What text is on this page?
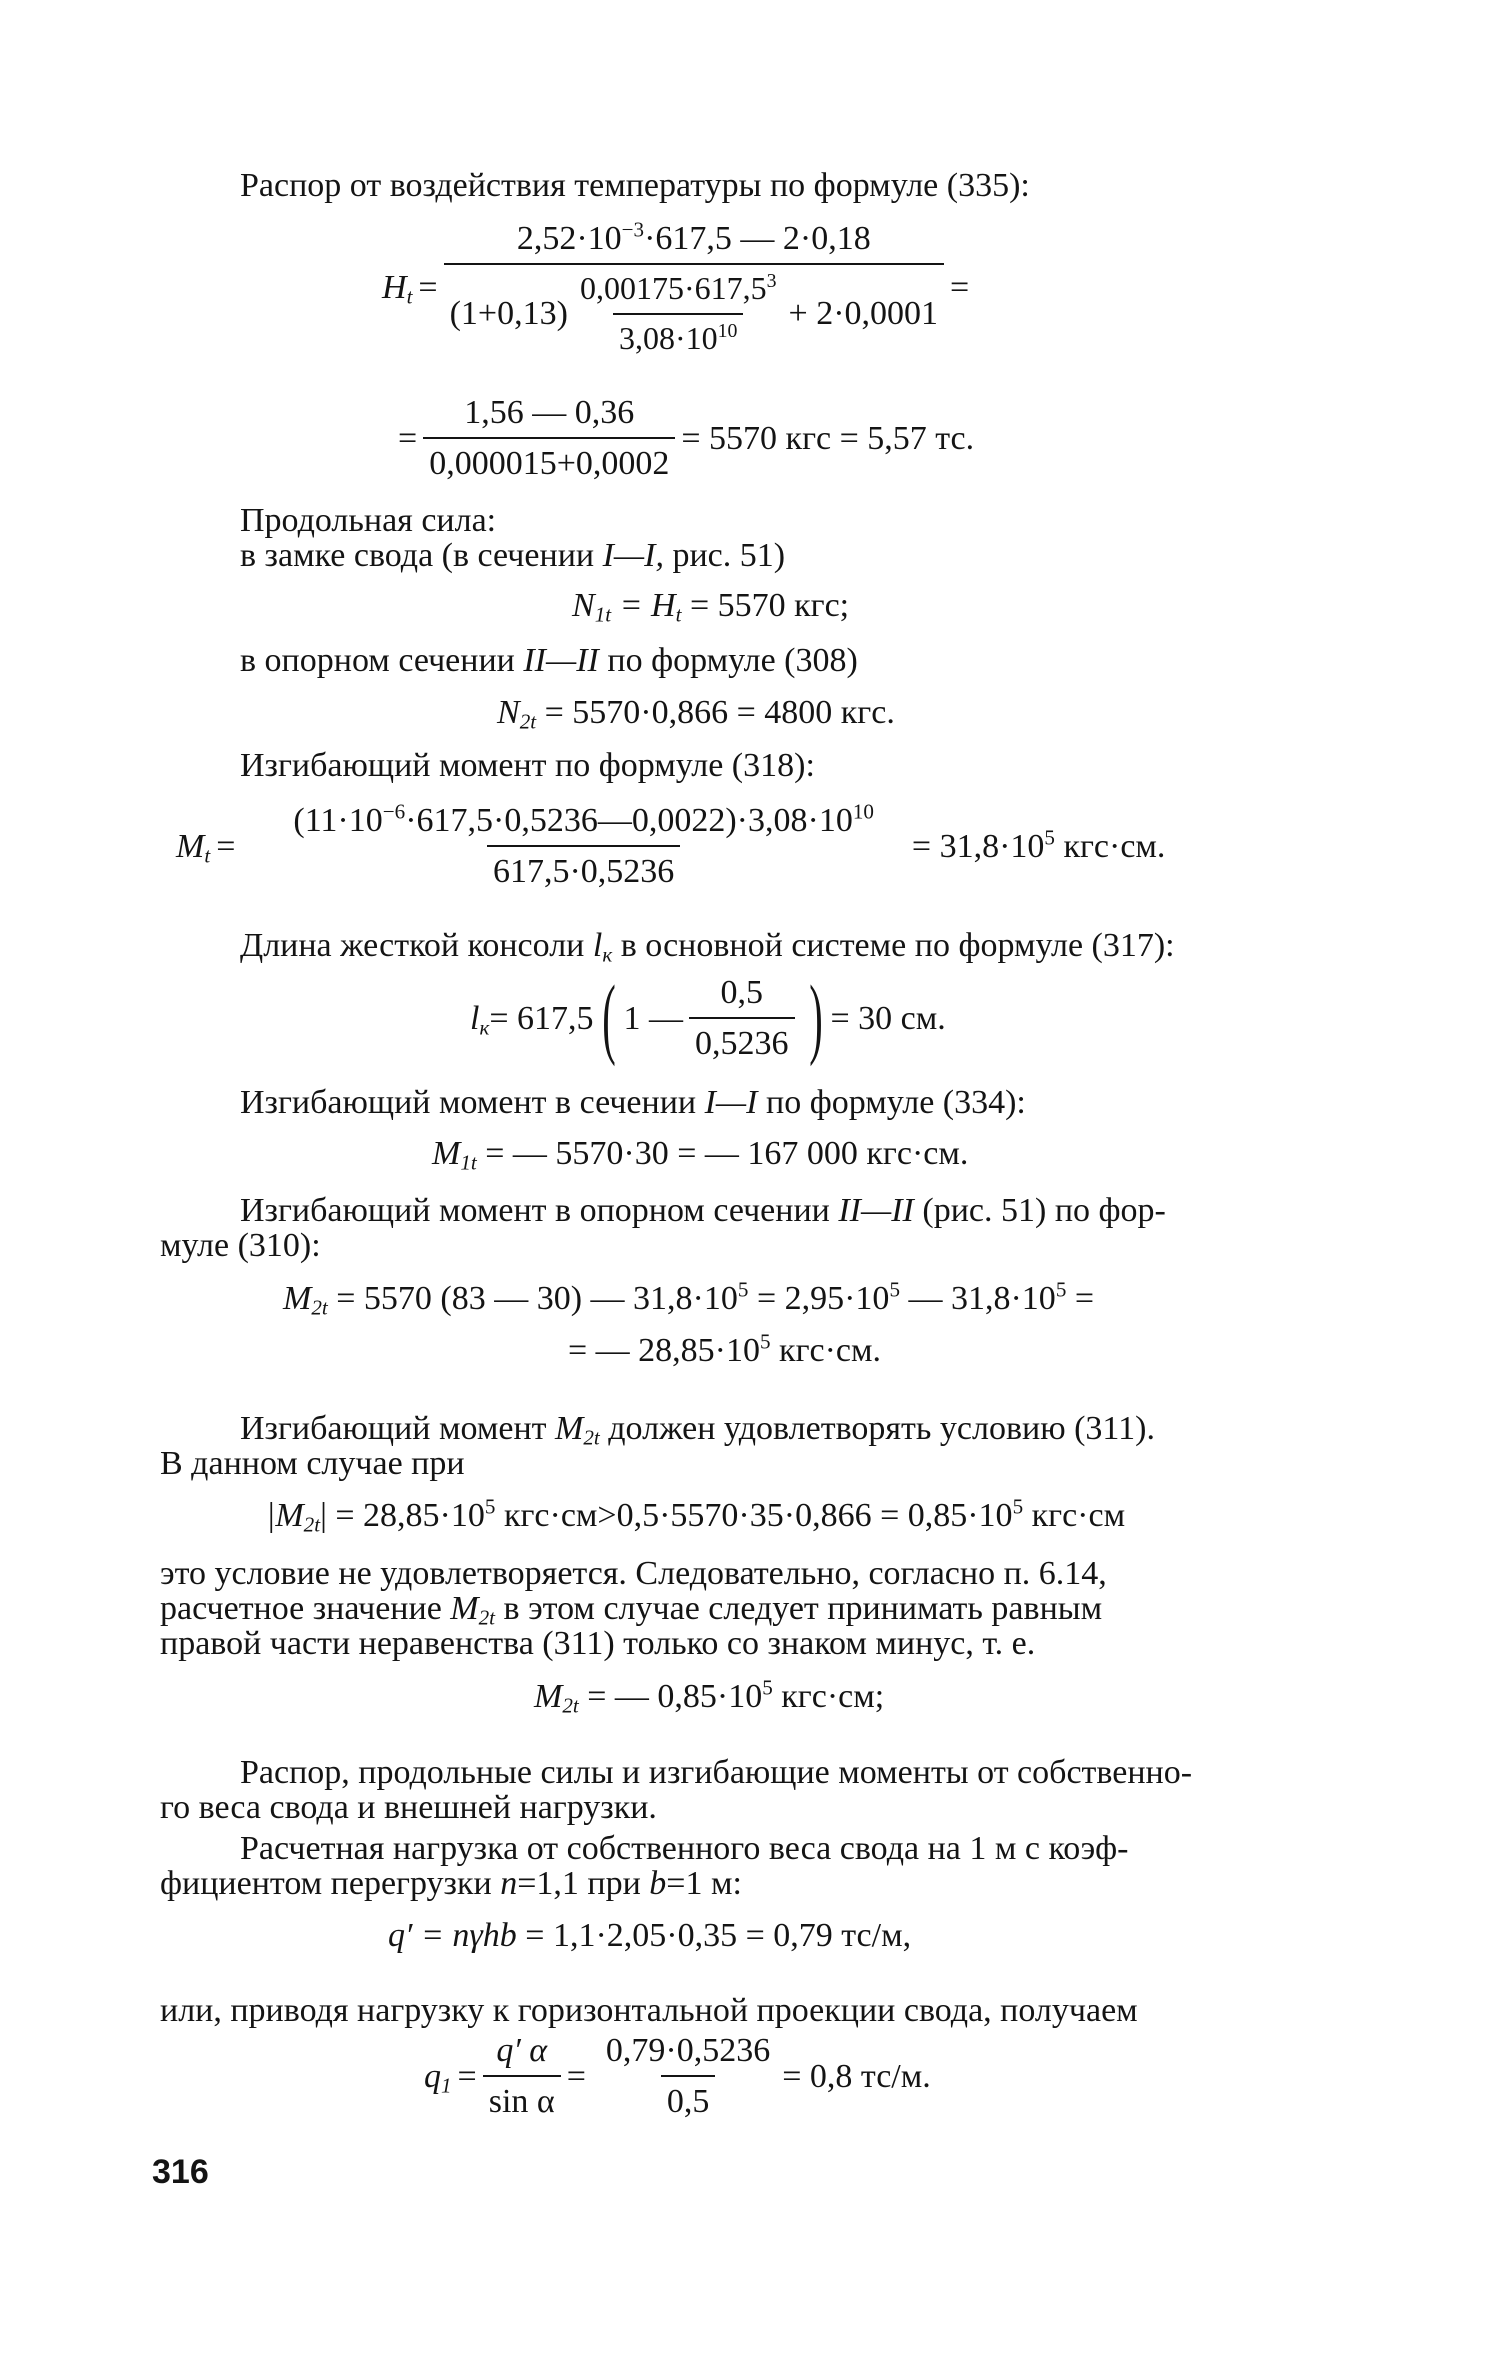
Распор от воздействия температуры по формуле (335):
$H_t$ =
$2,52\cdot 10^{-3}\cdot 617,5$ — 2·0,18
$(1+0,13) \frac{0,00175\cdot 617,5^3}{3,08\cdot 10^{10}} + 2\cdot 0,0001$
=
= $\frac{1,56 — 0,36}{0,000015+0,0002} = 5570$ кгс = 5,57 тс.
Продольная сила:
в замке свода (в сечении I—I, рис. 51)
$N_{1t} = H_t = 5570$ кгс;
в опорном сечении II—II по формуле (308)
$N_{2t} = 5570\cdot 0,866 = 4800$ кгс.
Изгибающий момент по формуле (318):
$M_t = \frac{(11\cdot 10^{-6}\cdot 617,5\cdot 0,5236—0,0022)\cdot 3,08\cdot 10^{10}}{617,5\cdot 0,5236} = 31,8\cdot 10^5$ кгс·см.
Длина жесткой консоли $l_к$ в основной системе по формуле (317):
$l_к = 617,5$ ( 1 — $\frac{0,5}{0,5236}$ ) = 30 см.
Изгибающий момент в сечении I—I по формуле (334):
$M_{1t}$ = — 5570·30 = — 167 000 кгс·см.
Изгибающий момент в опорном сечении II—II (рис. 51) по фор-
муле (310):
$M_{2t} = 5570$ (83 — 30) — $31,8\cdot 10^5 = 2,95\cdot 10^5$ — $31,8\cdot 10^5$ =
= — $28,85\cdot 10^5$ кгс·см.
Изгибающий момент $M_{2t}$ должен удовлетворять условию (311).
В данном случае при
$|M_{2t}| = 28,85\cdot 10^5$ $кгс\cdot см>0,5\cdot 5570\cdot 35\cdot 0,866 = 0,85\cdot 10^5$ кгс·см
это условие не удовлетворяется. Следовательно, согласно п. 6.14,
расчетное значение $M_{2t}$ в этом случае следует принимать равным
правой части неравенства (311) только со знаком минус, т. е.
$M_{2t}$ = — $0,85\cdot 10^5$ кгс·см;
Распор, продольные силы и изгибающие моменты от собственно-
го веса свода и внешней нагрузки.
Расчетная нагрузка от собственного веса свода на 1 м с коэф-
фициентом перегрузки n=1,1 при b=1 м:
q′ = nγhb = 1,1·2,05·0,35 = 0,79 тс/м,
или, приводя нагрузку к горизонтальной проекции свода, получаем
$q_1 = \frac{q' \alpha}{\text{sin α}} = \frac{0,79\cdot 0,5236}{0,5} = 0,8$ тс/м.
316
